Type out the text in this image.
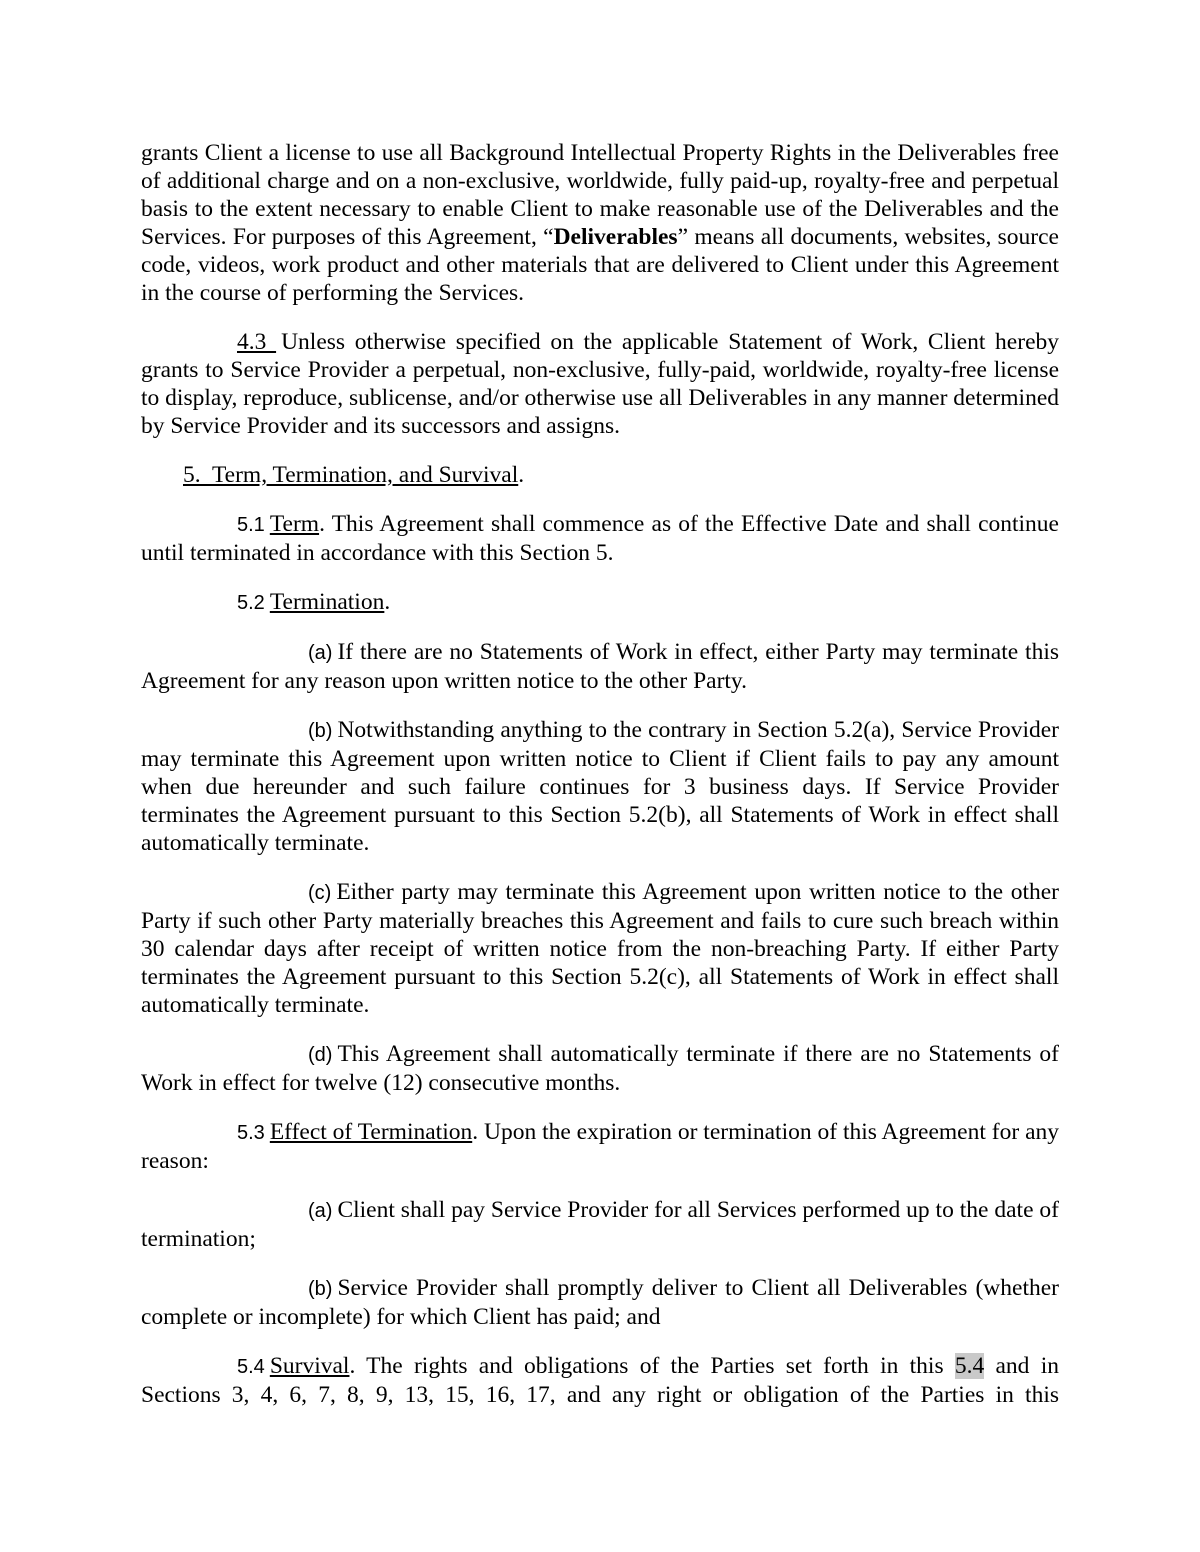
grants Client a license to use all Background Intellectual Property Rights in the Deliverables free of additional charge and on a non-exclusive, worldwide, fully paid-up, royalty-free and perpetual basis to the extent necessary to enable Client to make reasonable use of the Deliverables and the Services. For purposes of this Agreement, “Deliverables” means all documents, websites, source code, videos, work product and other materials that are delivered to Client under this Agreement in the course of performing the Services.

4.3 Unless otherwise specified on the applicable Statement of Work, Client hereby grants to Service Provider a perpetual, non-exclusive, fully-paid, worldwide, royalty-free license to display, reproduce, sublicense, and/or otherwise use all Deliverables in any manner determined by Service Provider and its successors and assigns.

5.  Term, Termination, and Survival.

5.1 Term. This Agreement shall commence as of the Effective Date and shall continue until terminated in accordance with this Section 5.

5.2 Termination.

(a) If there are no Statements of Work in effect, either Party may terminate this Agreement for any reason upon written notice to the other Party.

(b) Notwithstanding anything to the contrary in Section 5.2(a), Service Provider may terminate this Agreement upon written notice to Client if Client fails to pay any amount when due hereunder and such failure continues for 3 business days. If Service Provider terminates the Agreement pursuant to this Section 5.2(b), all Statements of Work in effect shall automatically terminate.

(c) Either party may terminate this Agreement upon written notice to the other Party if such other Party materially breaches this Agreement and fails to cure such breach within 30 calendar days after receipt of written notice from the non-breaching Party. If either Party terminates the Agreement pursuant to this Section 5.2(c), all Statements of Work in effect shall automatically terminate.

(d) This Agreement shall automatically terminate if there are no Statements of Work in effect for twelve (12) consecutive months.

5.3 Effect of Termination. Upon the expiration or termination of this Agreement for any reason:

(a) Client shall pay Service Provider for all Services performed up to the date of termination;

(b) Service Provider shall promptly deliver to Client all Deliverables (whether complete or incomplete) for which Client has paid; and

5.4 Survival. The rights and obligations of the Parties set forth in this 5.4 and in Sections 3, 4, 6, 7, 8, 9, 13, 15, 16, 17, and any right or obligation of the Parties in this
